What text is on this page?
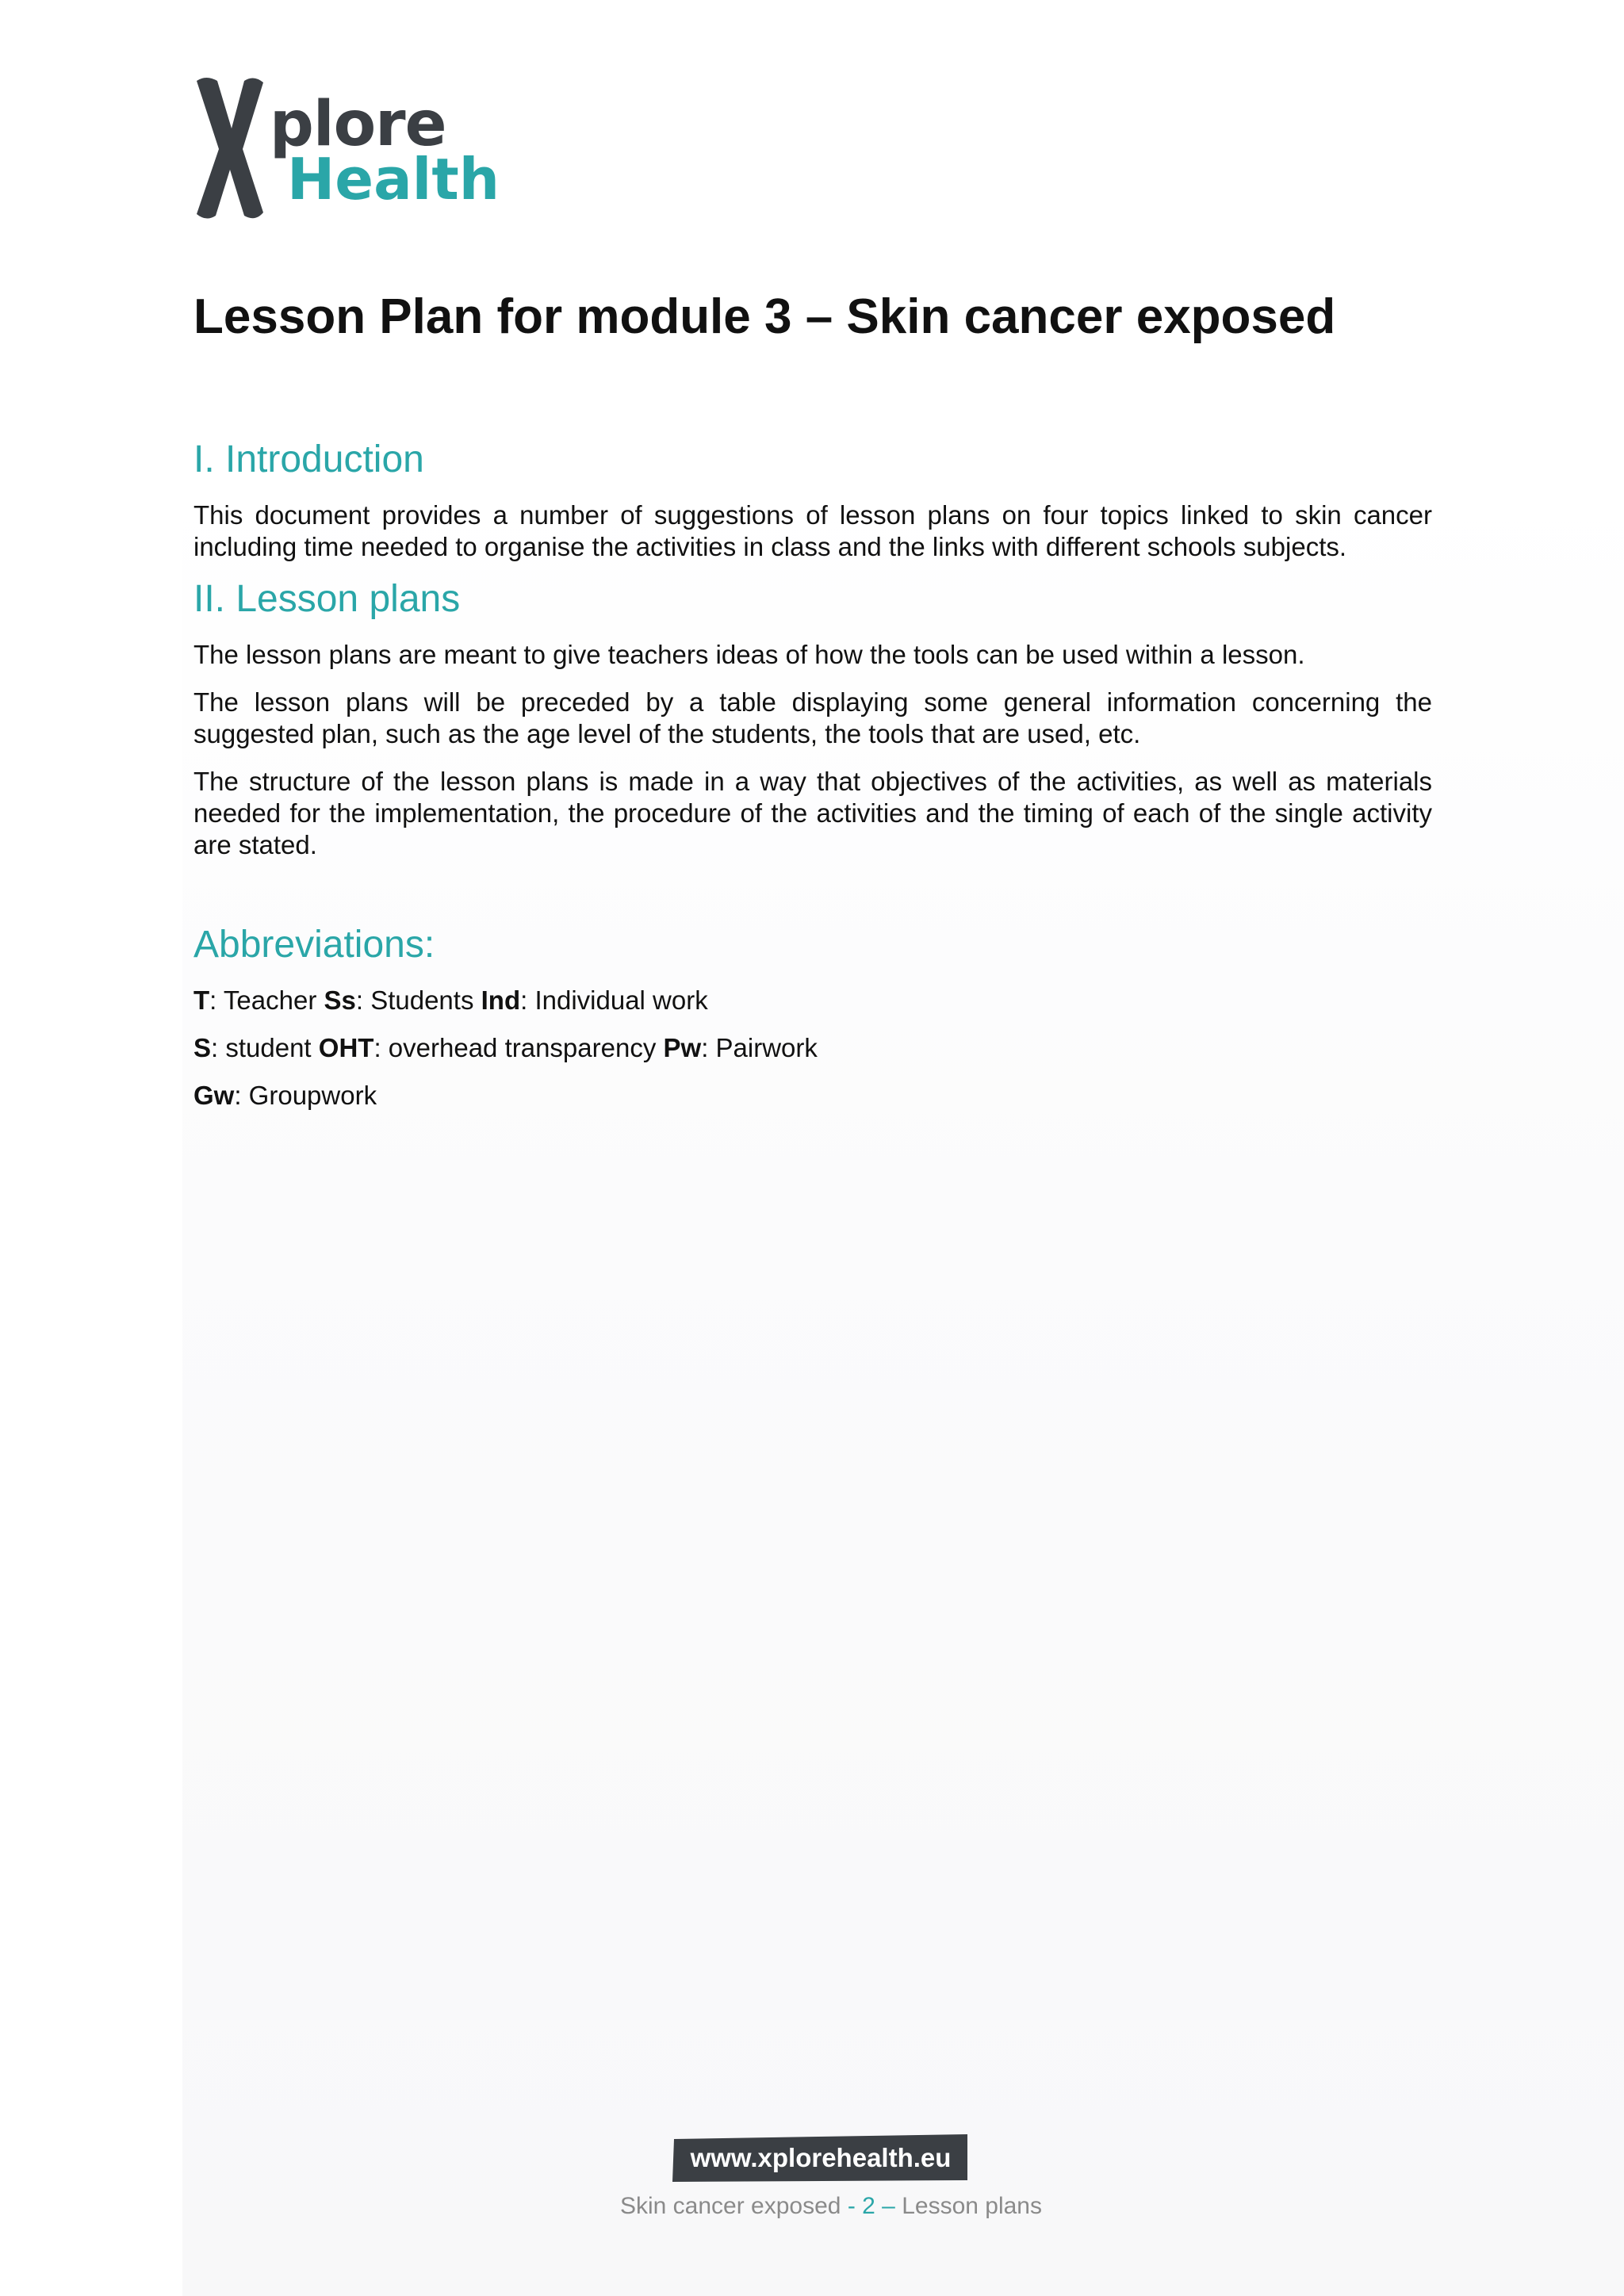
plore
Health
Lesson Plan for module 3 – Skin cancer exposed
I. Introduction

This document provides a number of suggestions of lesson plans on four topics linked to skin cancer including time needed to organise the activities in class and the links with different schools subjects.

II. Lesson plans

The lesson plans are meant to give teachers ideas of how the tools can be used within a lesson.

The lesson plans will be preceded by a table displaying some general information concerning the suggested plan, such as the age level of the students, the tools that are used, etc.

The structure of the lesson plans is made in a way that objectives of the activities, as well as materials needed for the implementation, the procedure of the activities and the timing of each of the single activity are stated.

Abbreviations:
T: Teacher Ss: Students Ind: Individual work
S: student OHT: overhead transparency Pw: Pairwork
Gw: Groupwork
www.xplorehealth.eu
Skin cancer exposed - 2 – Lesson plans
